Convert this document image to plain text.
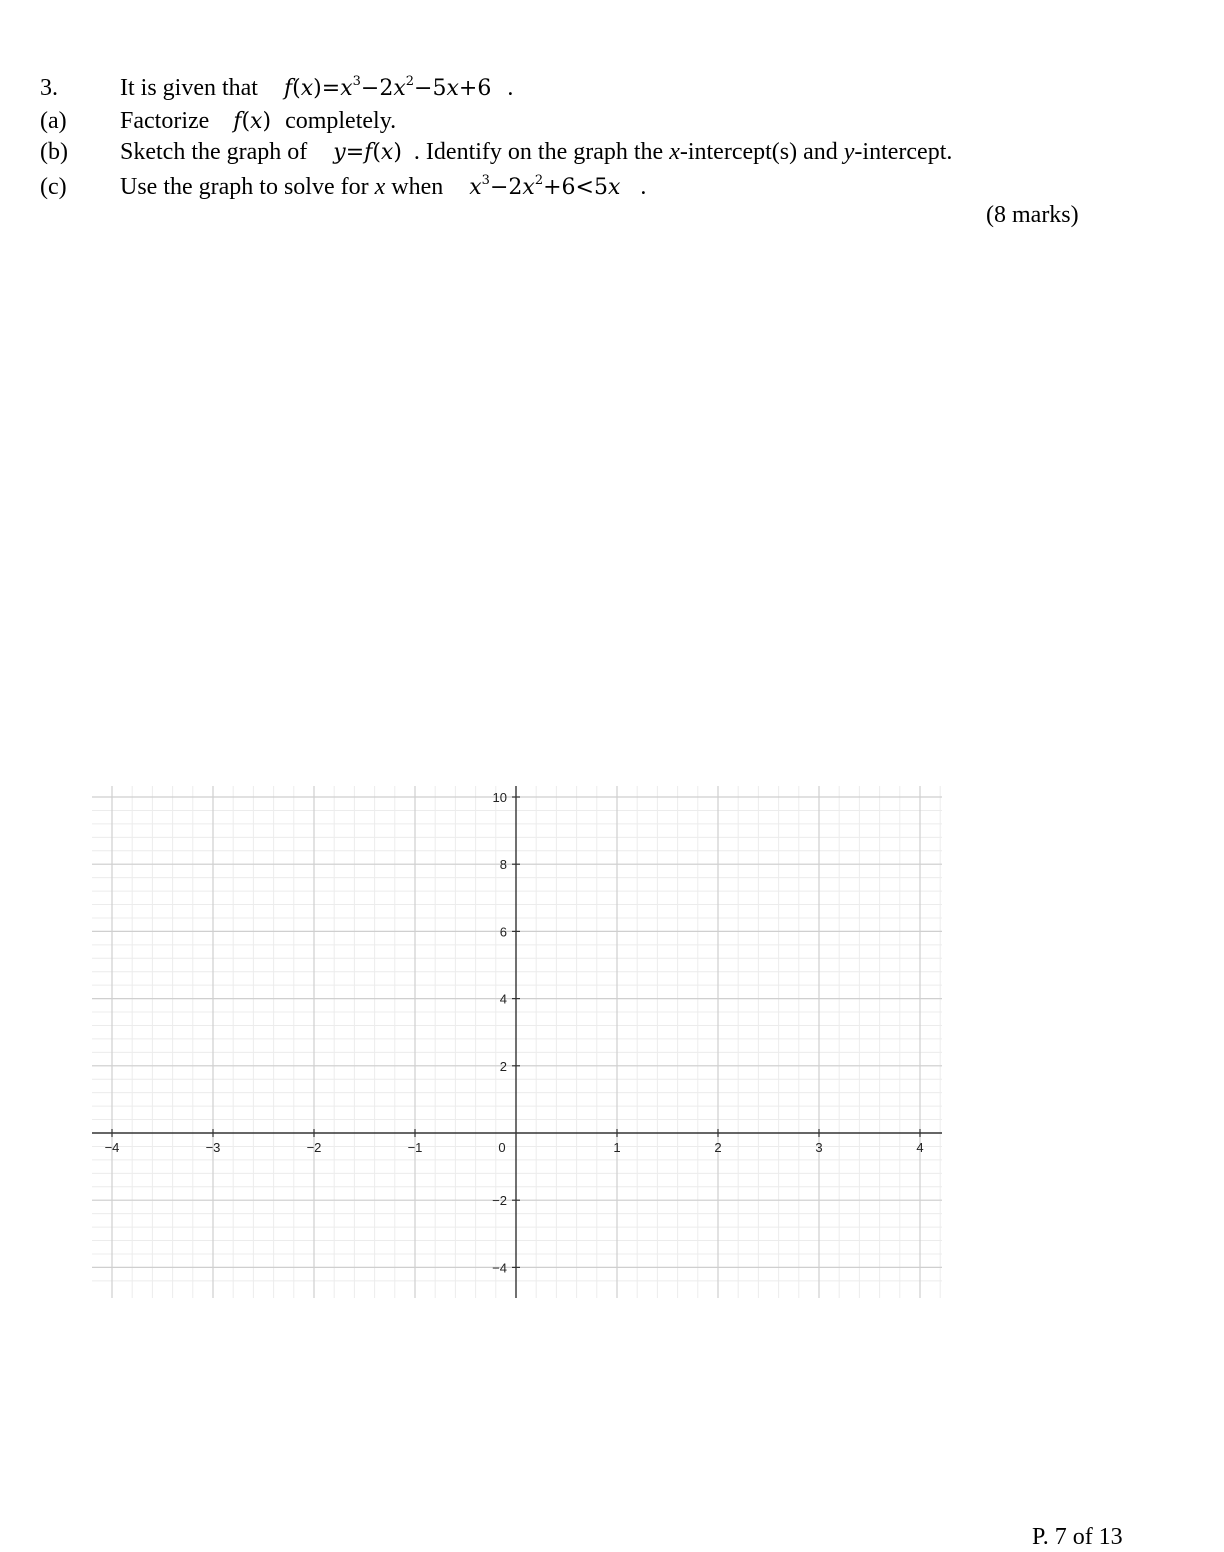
3.	It is given that $f(x)=x^3-2x^2-5x+6$ .
(a) Factorize f(x) completely.
(b) Sketch the graph of y=f(x) . Identify on the graph the x-intercept(s) and y-intercept.
(c) Use the graph to solve for x when $x^3-2x^2+6<5x$ .
(8 marks)
−4	−3	−2	−1	0	1	2	3	4
10
8
6
4
2
−2
−4
P. 7 of 13
